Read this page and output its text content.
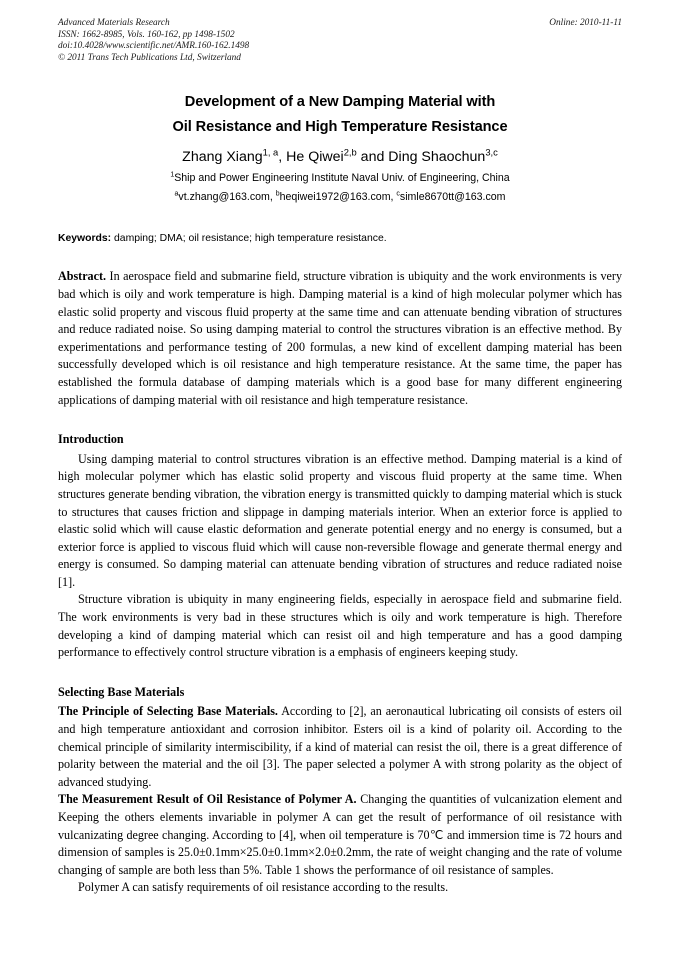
Advanced Materials Research
ISSN: 1662-8985, Vols. 160-162, pp 1498-1502
doi:10.4028/www.scientific.net/AMR.160-162.1498
© 2011 Trans Tech Publications Ltd, Switzerland
Online: 2010-11-11
Development of a New Damping Material with
Oil Resistance and High Temperature Resistance
Zhang Xiang$^{1, a}$, He Qiwei$^{2,b}$ and Ding Shaochun$^{3,c}$
$^1$Ship and Power Engineering Institute Naval Univ. of Engineering, China
$^a$vt.zhang@163.com, $^b$heqiwei1972@163.com, $^c$simle8670tt@163.com
Keywords: damping; DMA; oil resistance; high temperature resistance.
Abstract. In aerospace field and submarine field, structure vibration is ubiquity and the work environments is very bad which is oily and work temperature is high. Damping material is a kind of high molecular polymer which has elastic solid property and viscous fluid property at the same time and can attenuate bending vibration of structures and reduce radiated noise. So using damping material to control the structures vibration is an effective method. By experimentations and performance testing of 200 formulas, a new kind of excellent damping material has been successfully developed which is oil resistance and high temperature resistance. At the same time, the paper has established the formula database of damping materials which is a good base for many different engineering applications of damping material with oil resistance and high temperature resistance.
Introduction

Using damping material to control structures vibration is an effective method. Damping material is a kind of high molecular polymer which has elastic solid property and viscous fluid property at the same time. When structures generate bending vibration, the vibration energy is transmitted quickly to damping material which is stuck to structures that causes friction and slippage in damping materials interior. When an exterior force is applied to elastic solid which will cause elastic deformation and generate potential energy and no energy is consumed, but a exterior force is applied to viscous fluid which will cause non-reversible flowage and generate thermal energy and energy is consumed. So damping material can attenuate bending vibration of structures and reduce radiated noise [1].

Structure vibration is ubiquity in many engineering fields, especially in aerospace field and submarine field. The work environments is very bad in these structures which is oily and work temperature is high. Therefore developing a kind of damping material which can resist oil and high temperature and has a good damping performance to effectively control structure vibration is a emphasis of engineers keeping study.

Selecting Base Materials

The Principle of Selecting Base Materials. According to [2], an aeronautical lubricating oil consists of esters oil and high temperature antioxidant and corrosion inhibitor. Esters oil is a kind of polarity oil. According to the chemical principle of similarity intermiscibility, if a kind of material can resist the oil, there is a great difference of polarity between the material and the oil [3]. The paper selected a polymer A with strong polarity as the object of advanced studying.

The Measurement Result of Oil Resistance of Polymer A. Changing the quantities of vulcanization element and Keeping the others elements invariable in polymer A can get the result of performance of oil resistance with vulcanizating degree changing. According to [4], when oil temperature is 70℃ and immersion time is 72 hours and dimension of samples is 25.0±0.1mm×25.0±0.1mm×2.0±0.2mm, the rate of weight changing and the rate of volume changing of sample are both less than 5%. Table 1 shows the performance of oil resistance of samples.

Polymer A can satisfy requirements of oil resistance according to the results.
